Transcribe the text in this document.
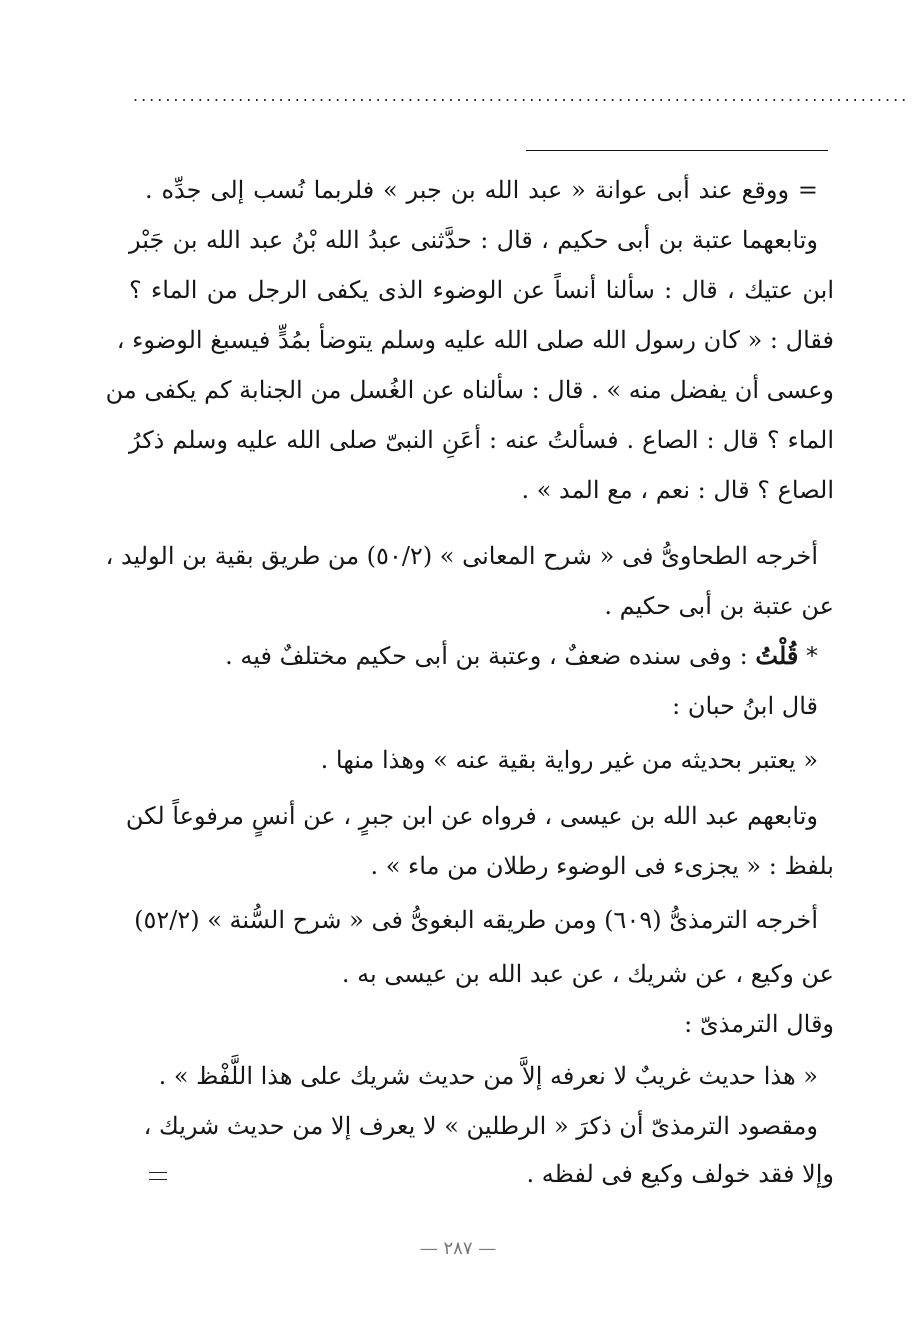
................................................................................................
= ووقع عند أبى عوانة « عبد الله بن جبر » فلربما نُسب إلى جدِّه .
وتابعهما عتبة بن أبى حكيم ، قال : حدَّثنى عبدُ الله بْنُ عبد الله بن جَبْر
ابن عتيك ، قال : سألنا أنساً عن الوضوء الذى يكفى الرجل من الماء ؟
فقال : « كان رسول الله صلى الله عليه وسلم يتوضأ بمُدٍّ فيسبغ الوضوء ،
وعسى أن يفضل منه » . قال : سألناه عن الغُسل من الجنابة كم يكفى من
الماء ؟ قال : الصاع . فسألتُ عنه : أعَنِ النبىّ صلى الله عليه وسلم ذكرُ
الصاع ؟ قال : نعم ، مع المد » .
أخرجه الطحاوىُّ فى « شرح المعانى » (٥٠/٢) من طريق بقية بن الوليد ،
عن عتبة بن أبى حكيم .
* قُلْتُ : وفى سنده ضعفٌ ، وعتبة بن أبى حكيم مختلفٌ فيه .
قال ابنُ حبان :
« يعتبر بحديثه من غير رواية بقية عنه » وهذا منها .
وتابعهم عبد الله بن عيسى ، فرواه عن ابن جبرٍ ، عن أنسٍ مرفوعاً لكن
بلفظ : « يجزىء فى الوضوء رطلان من ماء » .
أخرجه الترمذىُّ (٦٠٩) ومن طريقه البغوىُّ فى « شرح السُّنة » (٥٢/٢)
عن وكيع ، عن شريك ، عن عبد الله بن عيسى به .
وقال الترمذىّ :
« هذا حديث غريبٌ لا نعرفه إلاَّ من حديث شريك على هذا اللَّفْظ » .
ومقصود الترمذىّ أن ذكرَ « الرطلين » لا يعرف إلا من حديث شريك ،
وإلا فقد خولف وكيع فى لفظه .
— ٢٨٧ —
